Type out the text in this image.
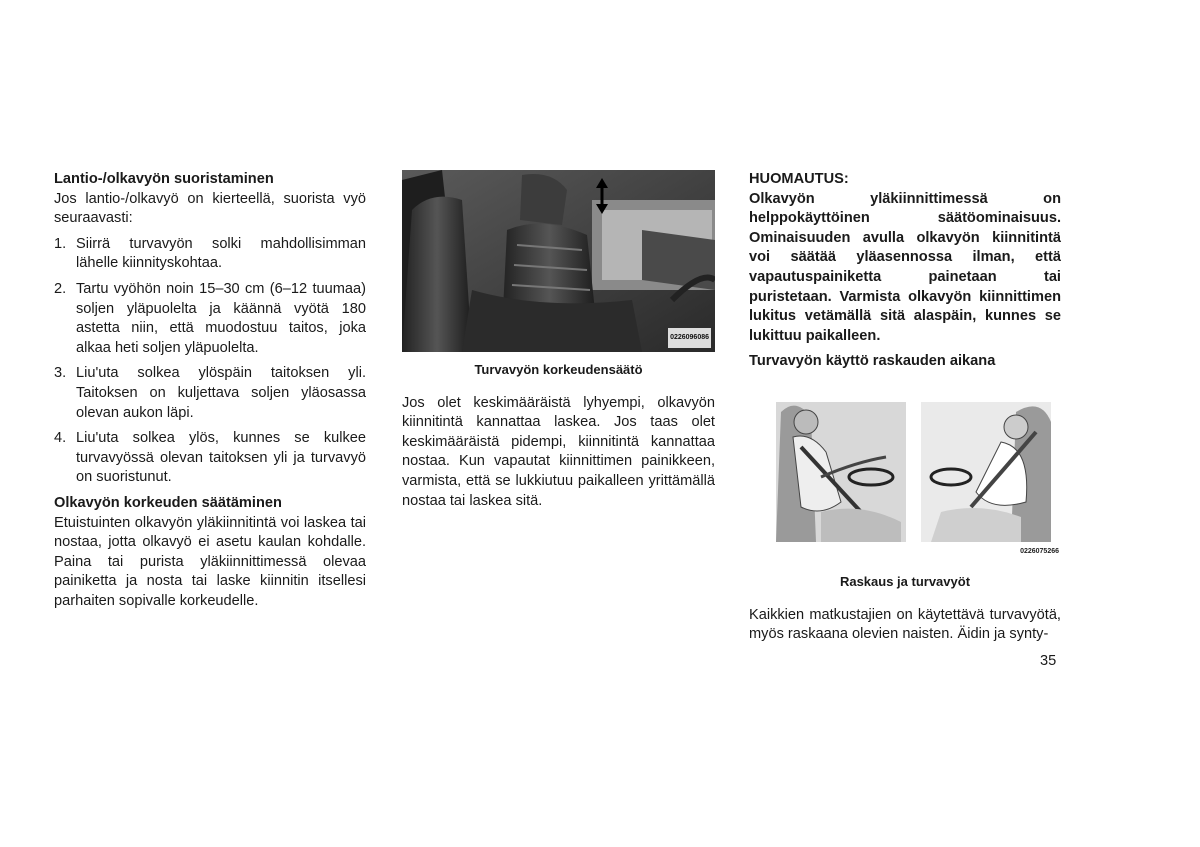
Lantio-/olkavyön suoristaminen
Jos lantio-/olkavyö on kierteellä, suorista vyö seuraavasti:
1. Siirrä turvavyön solki mahdollisimman lähelle kiinnityskohtaa.
2. Tartu vyöhön noin 15–30 cm (6–12 tuumaa) soljen yläpuolelta ja käännä vyötä 180 astetta niin, että muodostuu taitos, joka alkaa heti soljen yläpuolelta.
3. Liu'uta solkea ylöspäin taitoksen yli. Taitoksen on kuljettava soljen yläosassa olevan aukon läpi.
4. Liu'uta solkea ylös, kunnes se kulkee turvavyössä olevan taitoksen yli ja turvavyö on suoristunut.
Olkavyön korkeuden säätäminen
Etuistuinten olkavyön yläkiinnitintä voi laskea tai nostaa, jotta olkavyö ei asetu kaulan kohdalle. Paina tai purista yläkiinnittimessä olevaa painiketta ja nosta tai laske kiinnitin itsellesi parhaiten sopivalle korkeudelle.
0226096086
Turvavyön korkeudensäätö
Jos olet keskimääräistä lyhyempi, olkavyön kiinnitintä kannattaa laskea. Jos taas olet keskimääräistä pidempi, kiinnitintä kannattaa nostaa. Kun vapautat kiinnittimen painikkeen, varmista, että se lukkiutuu paikalleen yrittämällä nostaa tai laskea sitä.
HUOMAUTUS:
Olkavyön yläkiinnittimessä on helppokäyttöinen säätöominaisuus. Ominaisuuden avulla olkavyön kiinnitintä voi säätää yläasennossa ilman, että vapautuspainiketta painetaan tai puristetaan. Varmista olkavyön kiinnittimen lukitus vetämällä sitä alaspäin, kunnes se lukittuu paikalleen.
Turvavyön käyttö raskauden aikana
0226075266
Raskaus ja turvavyöt
Kaikkien matkustajien on käytettävä turvavyötä, myös raskaana olevien naisten. Äidin ja synty-
35
